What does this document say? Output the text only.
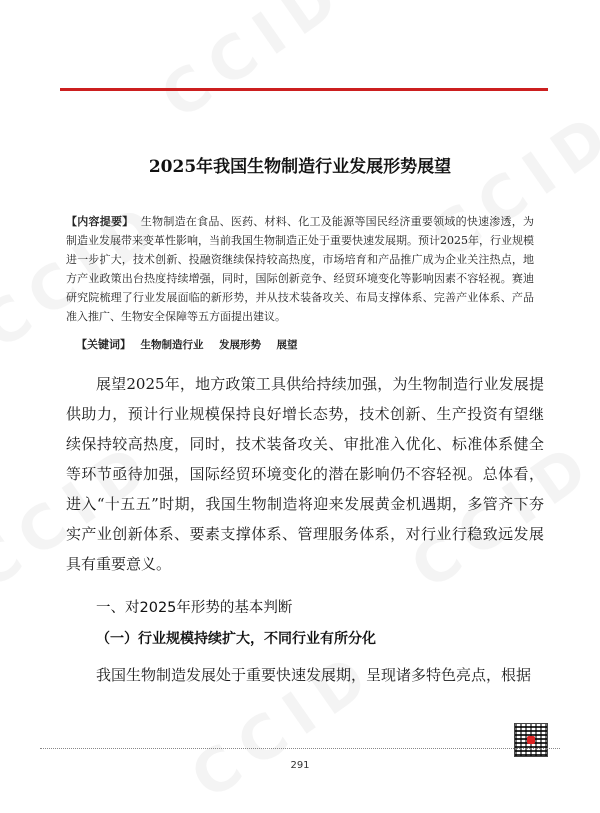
2025年我国生物制造行业发展形势展望
【内容提要】 生物制造在食品、医药、材料、化工及能源等国民经济重要领域的快速渗透，为制造业发展带来变革性影响，当前我国生物制造正处于重要快速发展期。预计2025年，行业规模进一步扩大，技术创新、投融资继续保持较高热度，市场培育和产品推广成为企业关注热点，地方产业政策出台热度持续增强，同时，国际创新竞争、经贸环境变化等影响因素不容轻视。赛迪研究院梳理了行业发展面临的新形势，并从技术装备攻关、布局支撑体系、完善产业体系、产品准入推广、生物安全保障等五方面提出建议。
【关键词】 生物制造行业 发展形势 展望
展望2025年，地方政策工具供给持续加强，为生物制造行业发展提供助力，预计行业规模保持良好增长态势，技术创新、生产投资有望继续保持较高热度，同时，技术装备攻关、审批准入优化、标准体系健全等环节亟待加强，国际经贸环境变化的潜在影响仍不容轻视。总体看，进入“十五五”时期，我国生物制造将迎来发展黄金机遇期，多管齐下夯实产业创新体系、要素支撑体系、管理服务体系，对行业行稳致远发展具有重要意义。
一、对2025年形势的基本判断
（一）行业规模持续扩大，不同行业有所分化
我国生物制造发展处于重要快速发展期，呈现诸多特色亮点，根据
291
